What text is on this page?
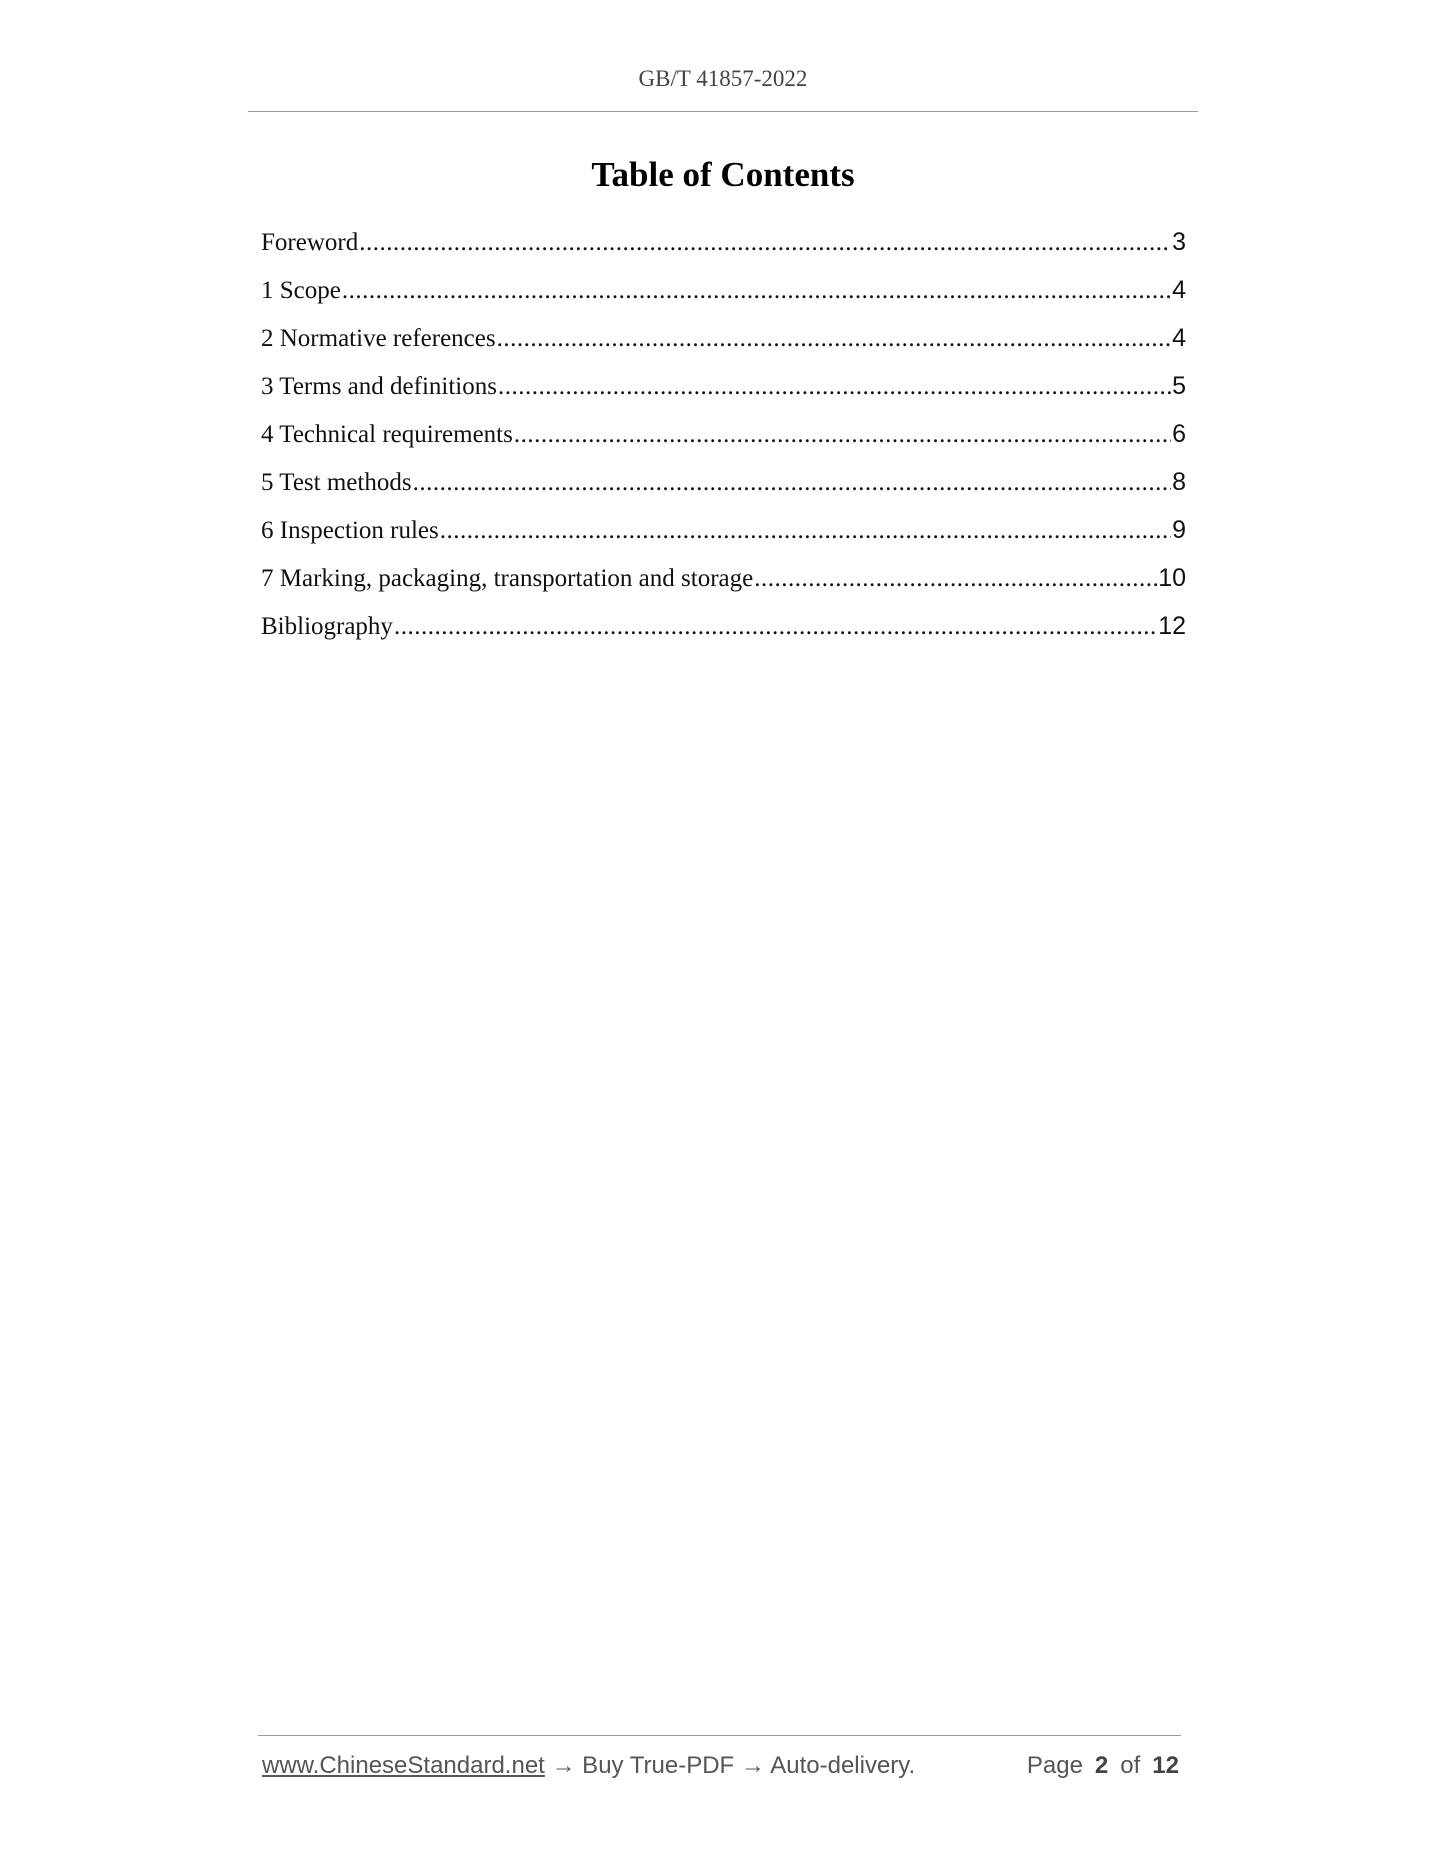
GB/T 41857-2022
Table of Contents
Foreword .....	3
1 Scope .....	4
2 Normative references .....	4
3 Terms and definitions .....	5
4 Technical requirements .....	6
5 Test methods .....	8
6 Inspection rules .....	9
7 Marking, packaging, transportation and storage .....	10
Bibliography .....	12
www.ChineseStandard.net → Buy True-PDF → Auto-delivery.	Page 2 of 12
